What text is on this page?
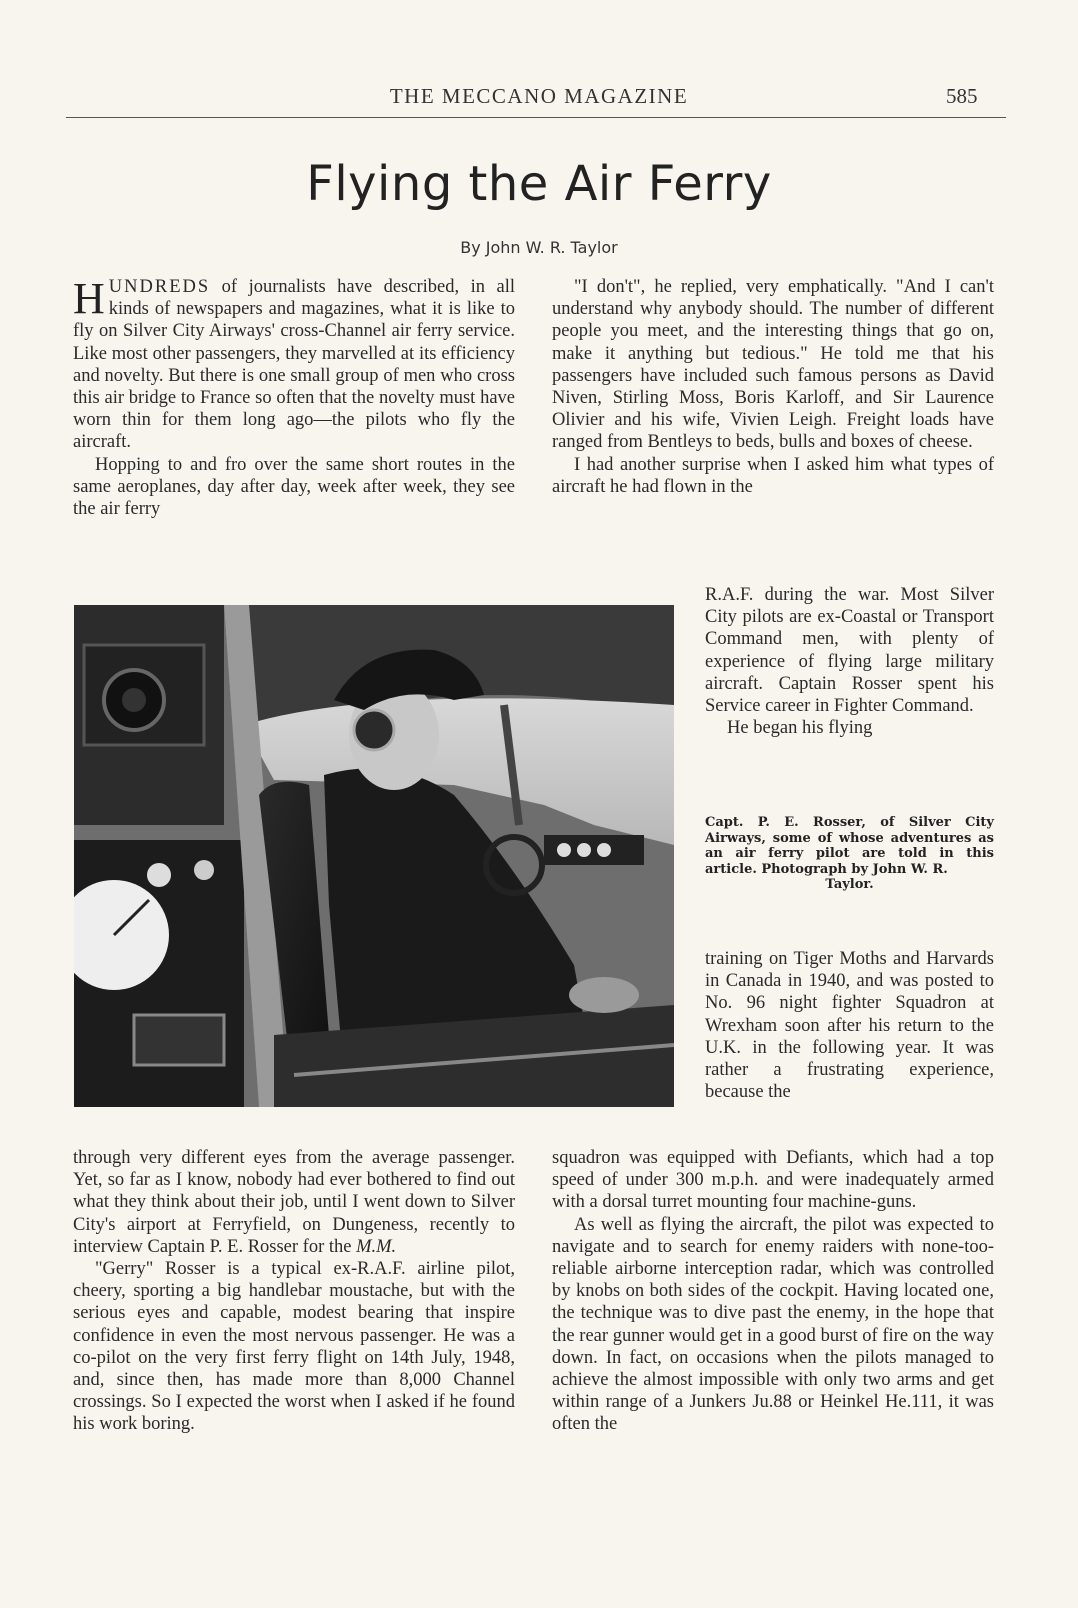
THE MECCANO MAGAZINE	585
Flying the Air Ferry
By John W. R. Taylor

HUNDREDS of journalists have described, in all kinds of newspapers and magazines, what it is like to fly on Silver City Airways' cross-Channel air ferry service. Like most other passengers, they marvelled at its efficiency and novelty. But there is one small group of men who cross this air bridge to France so often that the novelty must have worn thin for them long ago—the pilots who fly the aircraft.

Hopping to and fro over the same short routes in the same aeroplanes, day after day, week after week, they see the air ferry

"I don't", he replied, very emphatically. "And I can't understand why anybody should. The number of different people you meet, and the interesting things that go on, make it anything but tedious." He told me that his passengers have included such famous persons as David Niven, Stirling Moss, Boris Karloff, and Sir Laurence Olivier and his wife, Vivien Leigh. Freight loads have ranged from Bentleys to beds, bulls and boxes of cheese.

I had another surprise when I asked him what types of aircraft he had flown in the

R.A.F. during the war. Most Silver City pilots are ex-Coastal or Transport Command men, with plenty of experience of flying large military aircraft. Captain Rosser spent his Service career in Fighter Command.

He began his flying

Capt. P. E. Rosser, of Silver City Airways, some of whose adventures as an air ferry pilot are told in this article. Photograph by John W. R.
Taylor.

training on Tiger Moths and Harvards in Canada in 1940, and was posted to No. 96 night fighter Squadron at Wrexham soon after his return to the U.K. in the following year. It was rather a frustrating experience, because the

through very different eyes from the average passenger. Yet, so far as I know, nobody had ever bothered to find out what they think about their job, until I went down to Silver City's airport at Ferryfield, on Dungeness, recently to interview Captain P. E. Rosser for the M.M.

"Gerry" Rosser is a typical ex-R.A.F. airline pilot, cheery, sporting a big handlebar moustache, but with the serious eyes and capable, modest bearing that inspire confidence in even the most nervous passenger. He was a co-pilot on the very first ferry flight on 14th July, 1948, and, since then, has made more than 8,000 Channel crossings. So I expected the worst when I asked if he found his work boring.

squadron was equipped with Defiants, which had a top speed of under 300 m.p.h. and were inadequately armed with a dorsal turret mounting four machine-guns.

As well as flying the aircraft, the pilot was expected to navigate and to search for enemy raiders with none-too-reliable airborne interception radar, which was controlled by knobs on both sides of the cockpit. Having located one, the technique was to dive past the enemy, in the hope that the rear gunner would get in a good burst of fire on the way down. In fact, on occasions when the pilots managed to achieve the almost impossible with only two arms and get within range of a Junkers Ju.88 or Heinkel He.111, it was often the
